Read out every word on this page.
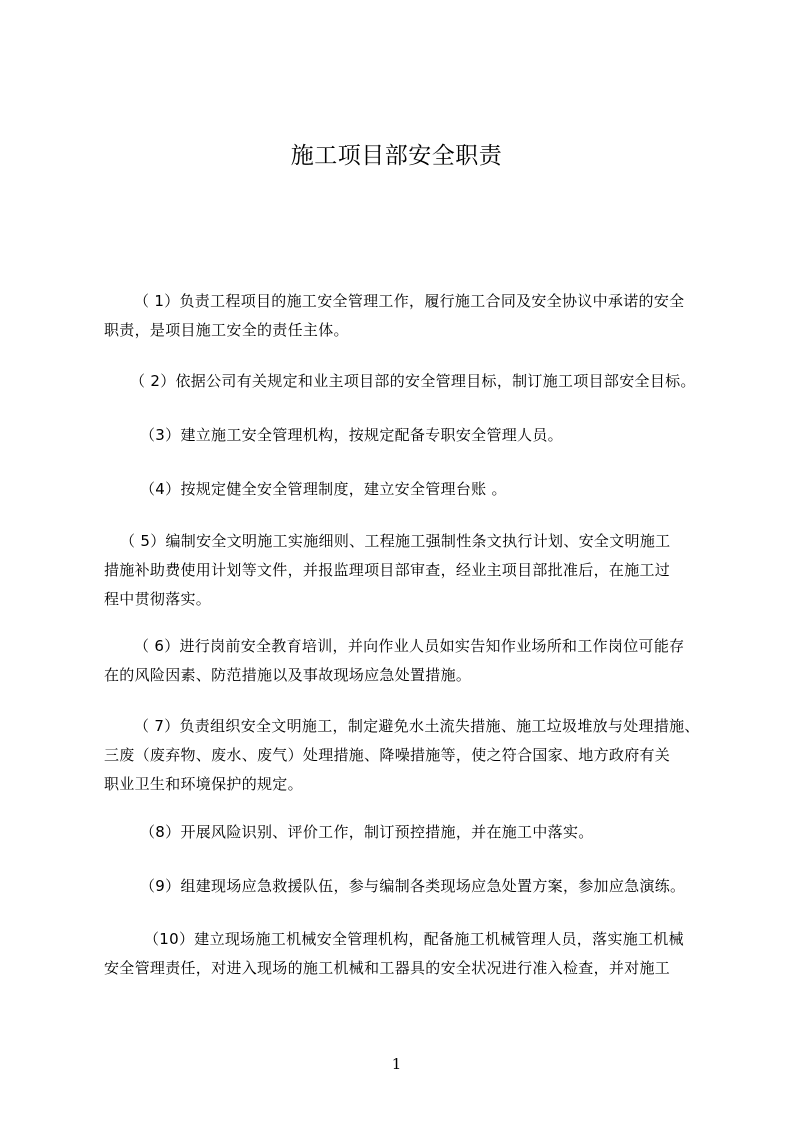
施工项目部安全职责

（ 1）负责工程项目的施工安全管理工作，履行施工合同及安全协议中承诺的安全
职责，是项目施工安全的责任主体。

（ 2）依据公司有关规定和业主项目部的安全管理目标，制订施工项目部安全目标。

（3）建立施工安全管理机构，按规定配备专职安全管理人员。

（4）按规定健全安全管理制度，建立安全管理台账 。

（ 5）编制安全文明施工实施细则、工程施工强制性条文执行计划、安全文明施工
措施补助费使用计划等文件，并报监理项目部审查，经业主项目部批准后，在施工过
程中贯彻落实。

（ 6）进行岗前安全教育培训，并向作业人员如实告知作业场所和工作岗位可能存
在的风险因素、防范措施以及事故现场应急处置措施。

（ 7）负责组织安全文明施工，制定避免水土流失措施、施工垃圾堆放与处理措施、
三废（废弃物、废水、废气）处理措施、降噪措施等，使之符合国家、地方政府有关
职业卫生和环境保护的规定。

（8）开展风险识别、评价工作，制订预控措施，并在施工中落实。

（9）组建现场应急救援队伍，参与编制各类现场应急处置方案，参加应急演练。

（10）建立现场施工机械安全管理机构，配备施工机械管理人员，落实施工机械
安全管理责任，对进入现场的施工机械和工器具的安全状况进行准入检查，并对施工

1
